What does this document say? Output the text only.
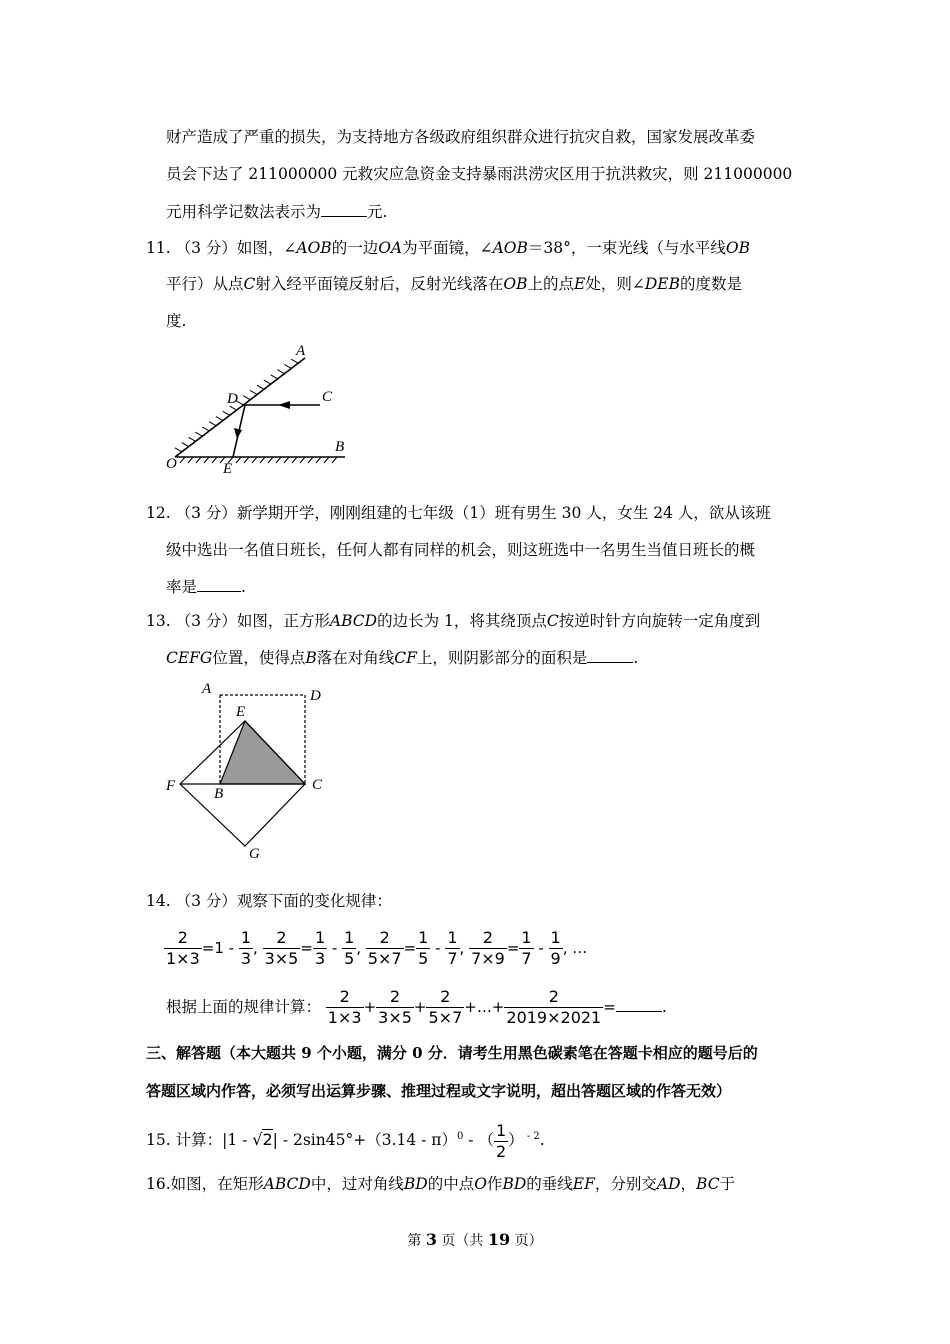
财产造成了严重的损失，为支持地方各级政府组织群众进行抗灾自救，国家发展改革委
员会下达了 211000000 元救灾应急资金支持暴雨洪涝灾区用于抗洪救灾，则 211000000
元用科学记数法表示为	元.
11. （3 分）如图，∠AOB的一边OA为平面镜，∠AOB＝38°，一束光线（与水平线OB
平行）从点C射入经平面镜反射后，反射光线落在OB上的点E处，则∠DEB的度数是
度.
A
B
C
D
E
O
12. （3 分）新学期开学，刚刚组建的七年级（1）班有男生 30 人，女生 24 人，欲从该班
级中选出一名值日班长，任何人都有同样的机会，则这班选中一名男生当值日班长的概
率是	.
13. （3 分）如图，正方形ABCD的边长为 1，将其绕顶点C按逆时针方向旋转一定角度到
CEFG位置，使得点B落在对角线CF上，则阴影部分的面积是	.
A	D
E
F	B
C
G
14. （3 分）观察下面的变化规律：
$\frac{2}{1\times 3} =1 - \frac{1}{3}$ , $\frac{2}{3\times 5} = \frac{1}{3} - \frac{1}{5}$ , $\frac{2}{5\times 7} = \frac{1}{5} - \frac{1}{7}$ , $\frac{2}{7\times 9} = \frac{1}{7} - \frac{1}{9}$ , …
根据上面的规律计算： $\frac{2}{1\times 3} + \frac{2}{3\times 5} + \frac{2}{5\times 7}$ +…+ $\frac{2}{2019\times 2021}$ =	.
三、解答题（本大题共 9 个小题，满分 0 分．请考生用黑色碳素笔在答题卡相应的题号后的
答题区域内作答，必须写出运算步骤、推理过程或文字说明，超出答题区域的作答无效）
15. 计算：|1 - √2| - 2sin45°+（3.14 - π）$^0$ - （ $\frac{1}{2}$ ） $^{- 2}$.
16.如图，在矩形ABCD中，过对角线BD的中点O作BD的垂线EF，分别交AD，BC于
第 3 页（共 19 页）
